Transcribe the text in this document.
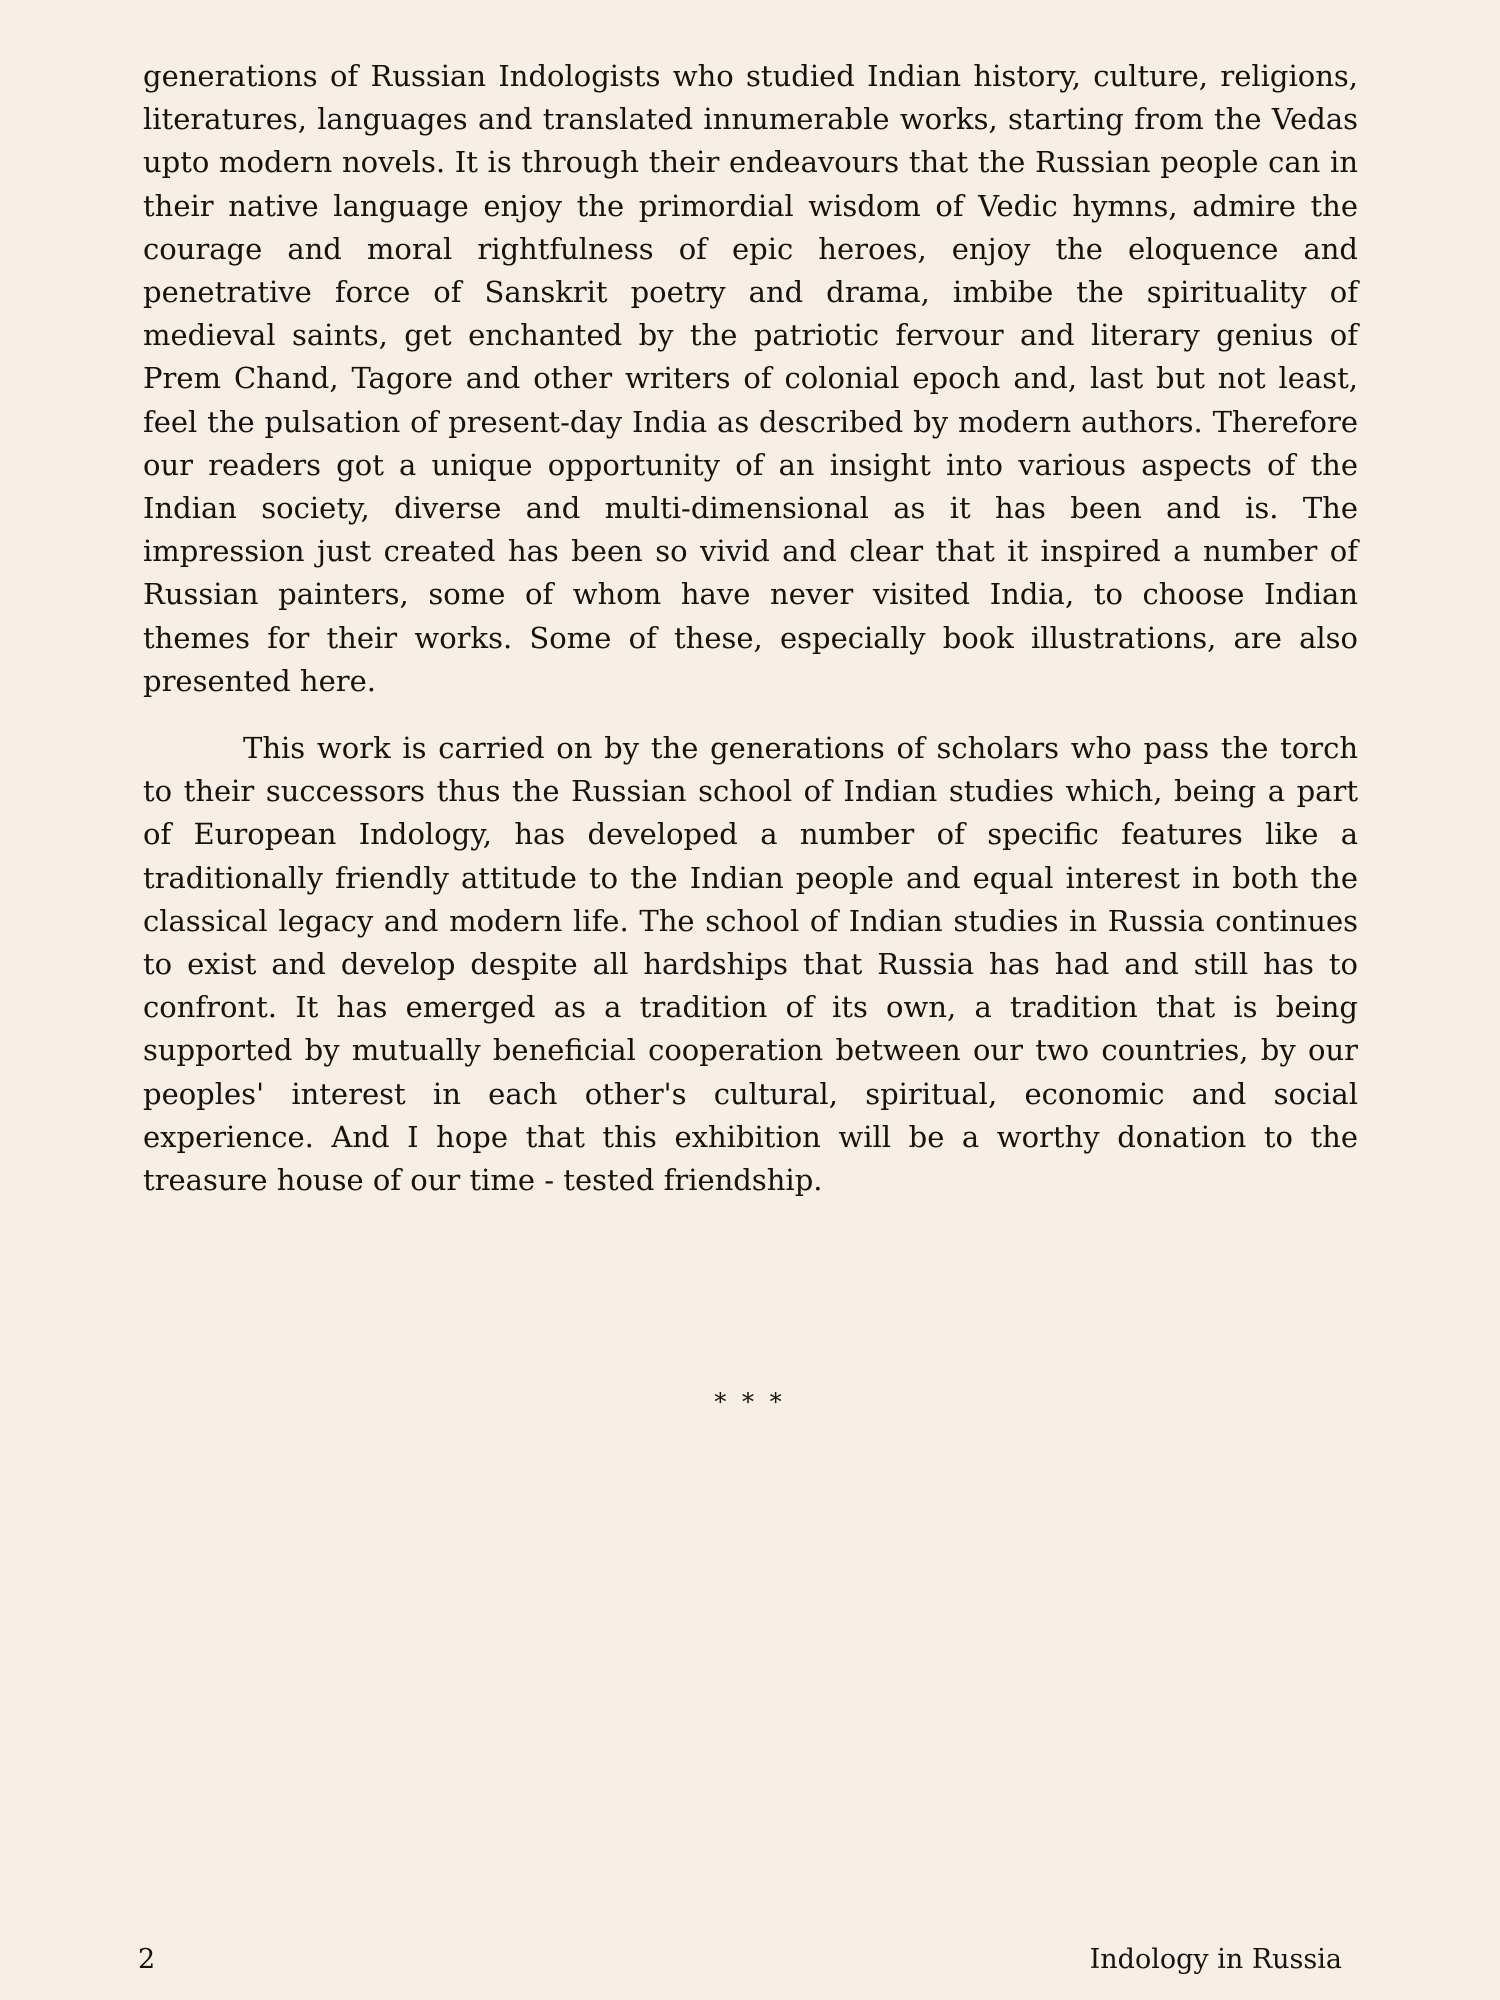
generations of Russian Indologists who studied Indian history, culture, religions, literatures, languages and translated innumerable works, starting from the Vedas upto modern novels. It is through their endeavours that the Russian people can in their native language enjoy the primordial wisdom of Vedic hymns, admire the courage and moral rightfulness of epic heroes, enjoy the eloquence and penetrative force of Sanskrit poetry and drama, imbibe the spirituality of medieval saints, get enchanted by the patriotic fervour and literary genius of Prem Chand, Tagore and other writers of colonial epoch and, last but not least, feel the pulsation of present-day India as described by modern authors. Therefore our readers got a unique opportunity of an insight into various aspects of the Indian society, diverse and multi-dimensional as it has been and is. The impression just created has been so vivid and clear that it inspired a number of Russian painters, some of whom have never visited India, to choose Indian themes for their works. Some of these, especially book illustrations, are also presented here.

This work is carried on by the generations of scholars who pass the torch to their successors thus the Russian school of Indian studies which, being a part of European Indology, has developed a number of specific features like a traditionally friendly attitude to the Indian people and equal interest in both the classical legacy and modern life. The school of Indian studies in Russia continues to exist and develop despite all hardships that Russia has had and still has to confront. It has emerged as a tradition of its own, a tradition that is being supported by mutually beneficial cooperation between our two countries, by our peoples' interest in each other's cultural, spiritual, economic and social experience. And I hope that this exhibition will be a worthy donation to the treasure house of our time - tested friendship.

* * *
2	Indology in Russia
